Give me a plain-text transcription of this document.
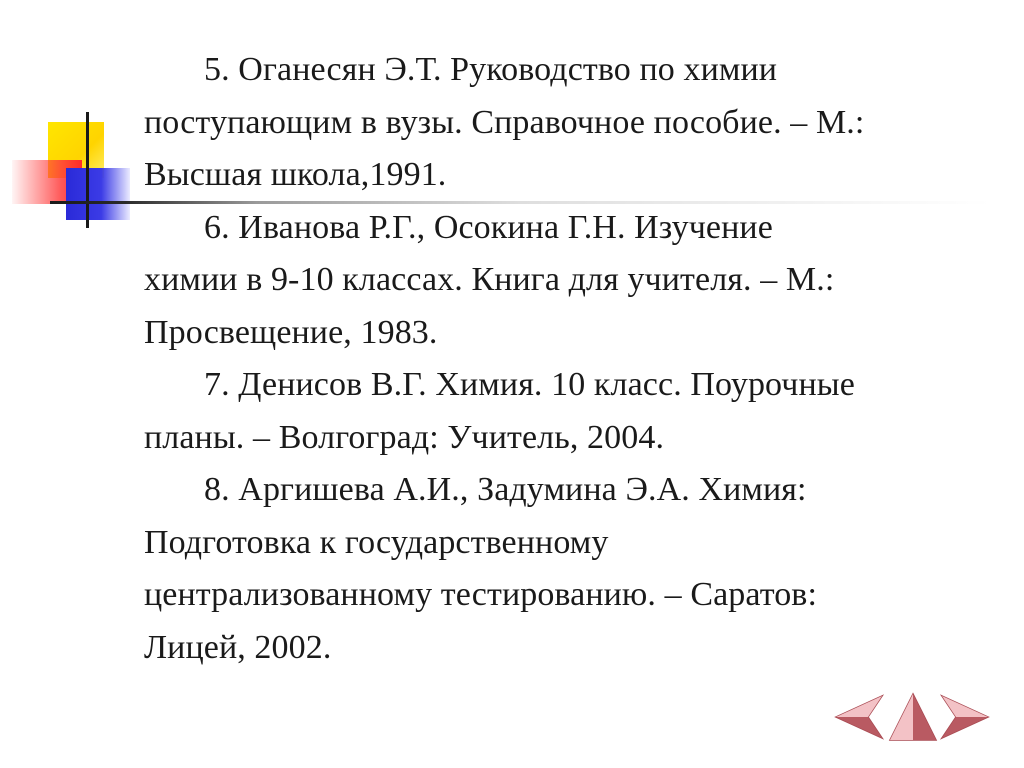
5. Оганесян Э.Т. Руководство по химии
поступающим в вузы. Справочное пособие. – М.:
Высшая школа,1991.

6. Иванова Р.Г., Осокина Г.Н. Изучение
химии в 9-10 классах. Книга для учителя. – М.:
Просвещение, 1983.

7. Денисов В.Г. Химия. 10 класс. Поурочные
планы. – Волгоград: Учитель, 2004.

8. Аргишева А.И., Задумина Э.А. Химия:
Подготовка к государственному
централизованному тестированию. – Саратов:
Лицей, 2002.
